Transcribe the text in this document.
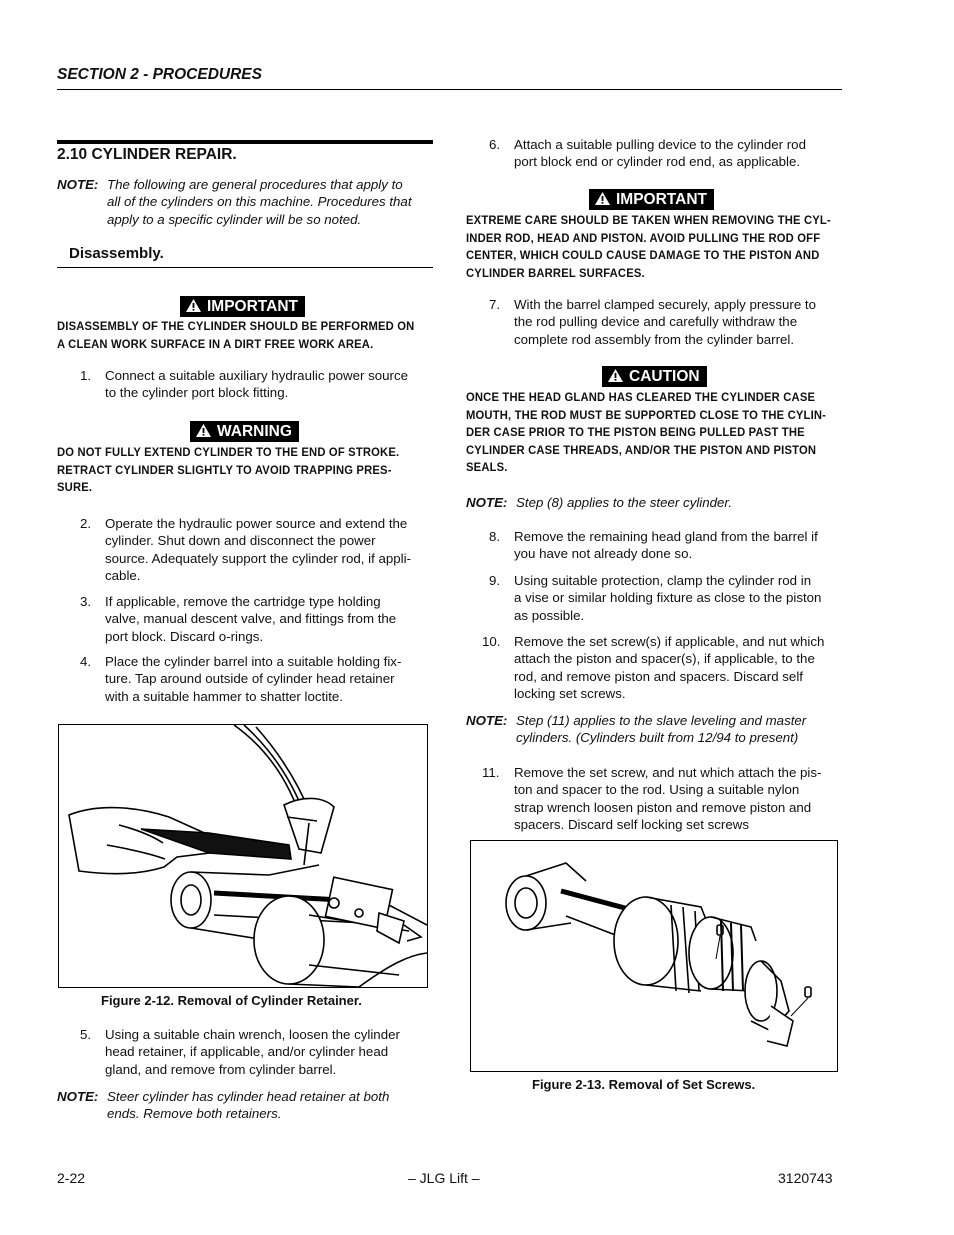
SECTION 2 - PROCEDURES
2.10 CYLINDER REPAIR.
NOTE: The following are general procedures that apply to
all of the cylinders on this machine. Procedures that
apply to a specific cylinder will be so noted.
Disassembly.
IMPORTANT
DISASSEMBLY OF THE CYLINDER SHOULD BE PERFORMED ON
A CLEAN WORK SURFACE IN A DIRT FREE WORK AREA.
1. Connect a suitable auxiliary hydraulic power source
to the cylinder port block fitting.
WARNING
DO NOT FULLY EXTEND CYLINDER TO THE END OF STROKE.
RETRACT CYLINDER SLIGHTLY TO AVOID TRAPPING PRES-
SURE.
2. Operate the hydraulic power source and extend the
cylinder. Shut down and disconnect the power
source. Adequately support the cylinder rod, if appli-
cable.
3. If applicable, remove the cartridge type holding
valve, manual descent valve, and fittings from the
port block. Discard o-rings.
4. Place the cylinder barrel into a suitable holding fix-
ture. Tap around outside of cylinder head retainer
with a suitable hammer to shatter loctite.
Figure 2-12. Removal of Cylinder Retainer.
5. Using a suitable chain wrench, loosen the cylinder
head retainer, if applicable, and/or cylinder head
gland, and remove from cylinder barrel.
NOTE: Steer cylinder has cylinder head retainer at both
ends. Remove both retainers.
6. Attach a suitable pulling device to the cylinder rod
port block end or cylinder rod end, as applicable.
IMPORTANT
EXTREME CARE SHOULD BE TAKEN WHEN REMOVING THE CYL-
INDER ROD, HEAD AND PISTON. AVOID PULLING THE ROD OFF
CENTER, WHICH COULD CAUSE DAMAGE TO THE PISTON AND
CYLINDER BARREL SURFACES.
7. With the barrel clamped securely, apply pressure to
the rod pulling device and carefully withdraw the
complete rod assembly from the cylinder barrel.
CAUTION
ONCE THE HEAD GLAND HAS CLEARED THE CYLINDER CASE
MOUTH, THE ROD MUST BE SUPPORTED CLOSE TO THE CYLIN-
DER CASE PRIOR TO THE PISTON BEING PULLED PAST THE
CYLINDER CASE THREADS, AND/OR THE PISTON AND PISTON
SEALS.
NOTE: Step (8) applies to the steer cylinder.
8. Remove the remaining head gland from the barrel if
you have not already done so.
9. Using suitable protection, clamp the cylinder rod in
a vise or similar holding fixture as close to the piston
as possible.
10. Remove the set screw(s) if applicable, and nut which
attach the piston and spacer(s), if applicable, to the
rod, and remove piston and spacers. Discard self
locking set screws.
NOTE: Step (11) applies to the slave leveling and master
cylinders. (Cylinders built from 12/94 to present)
11. Remove the set screw, and nut which attach the pis-
ton and spacer to the rod. Using a suitable nylon
strap wrench loosen piston and remove piston and
spacers. Discard self locking set screws
Figure 2-13. Removal of Set Screws.
2-22	– JLG Lift –	3120743
